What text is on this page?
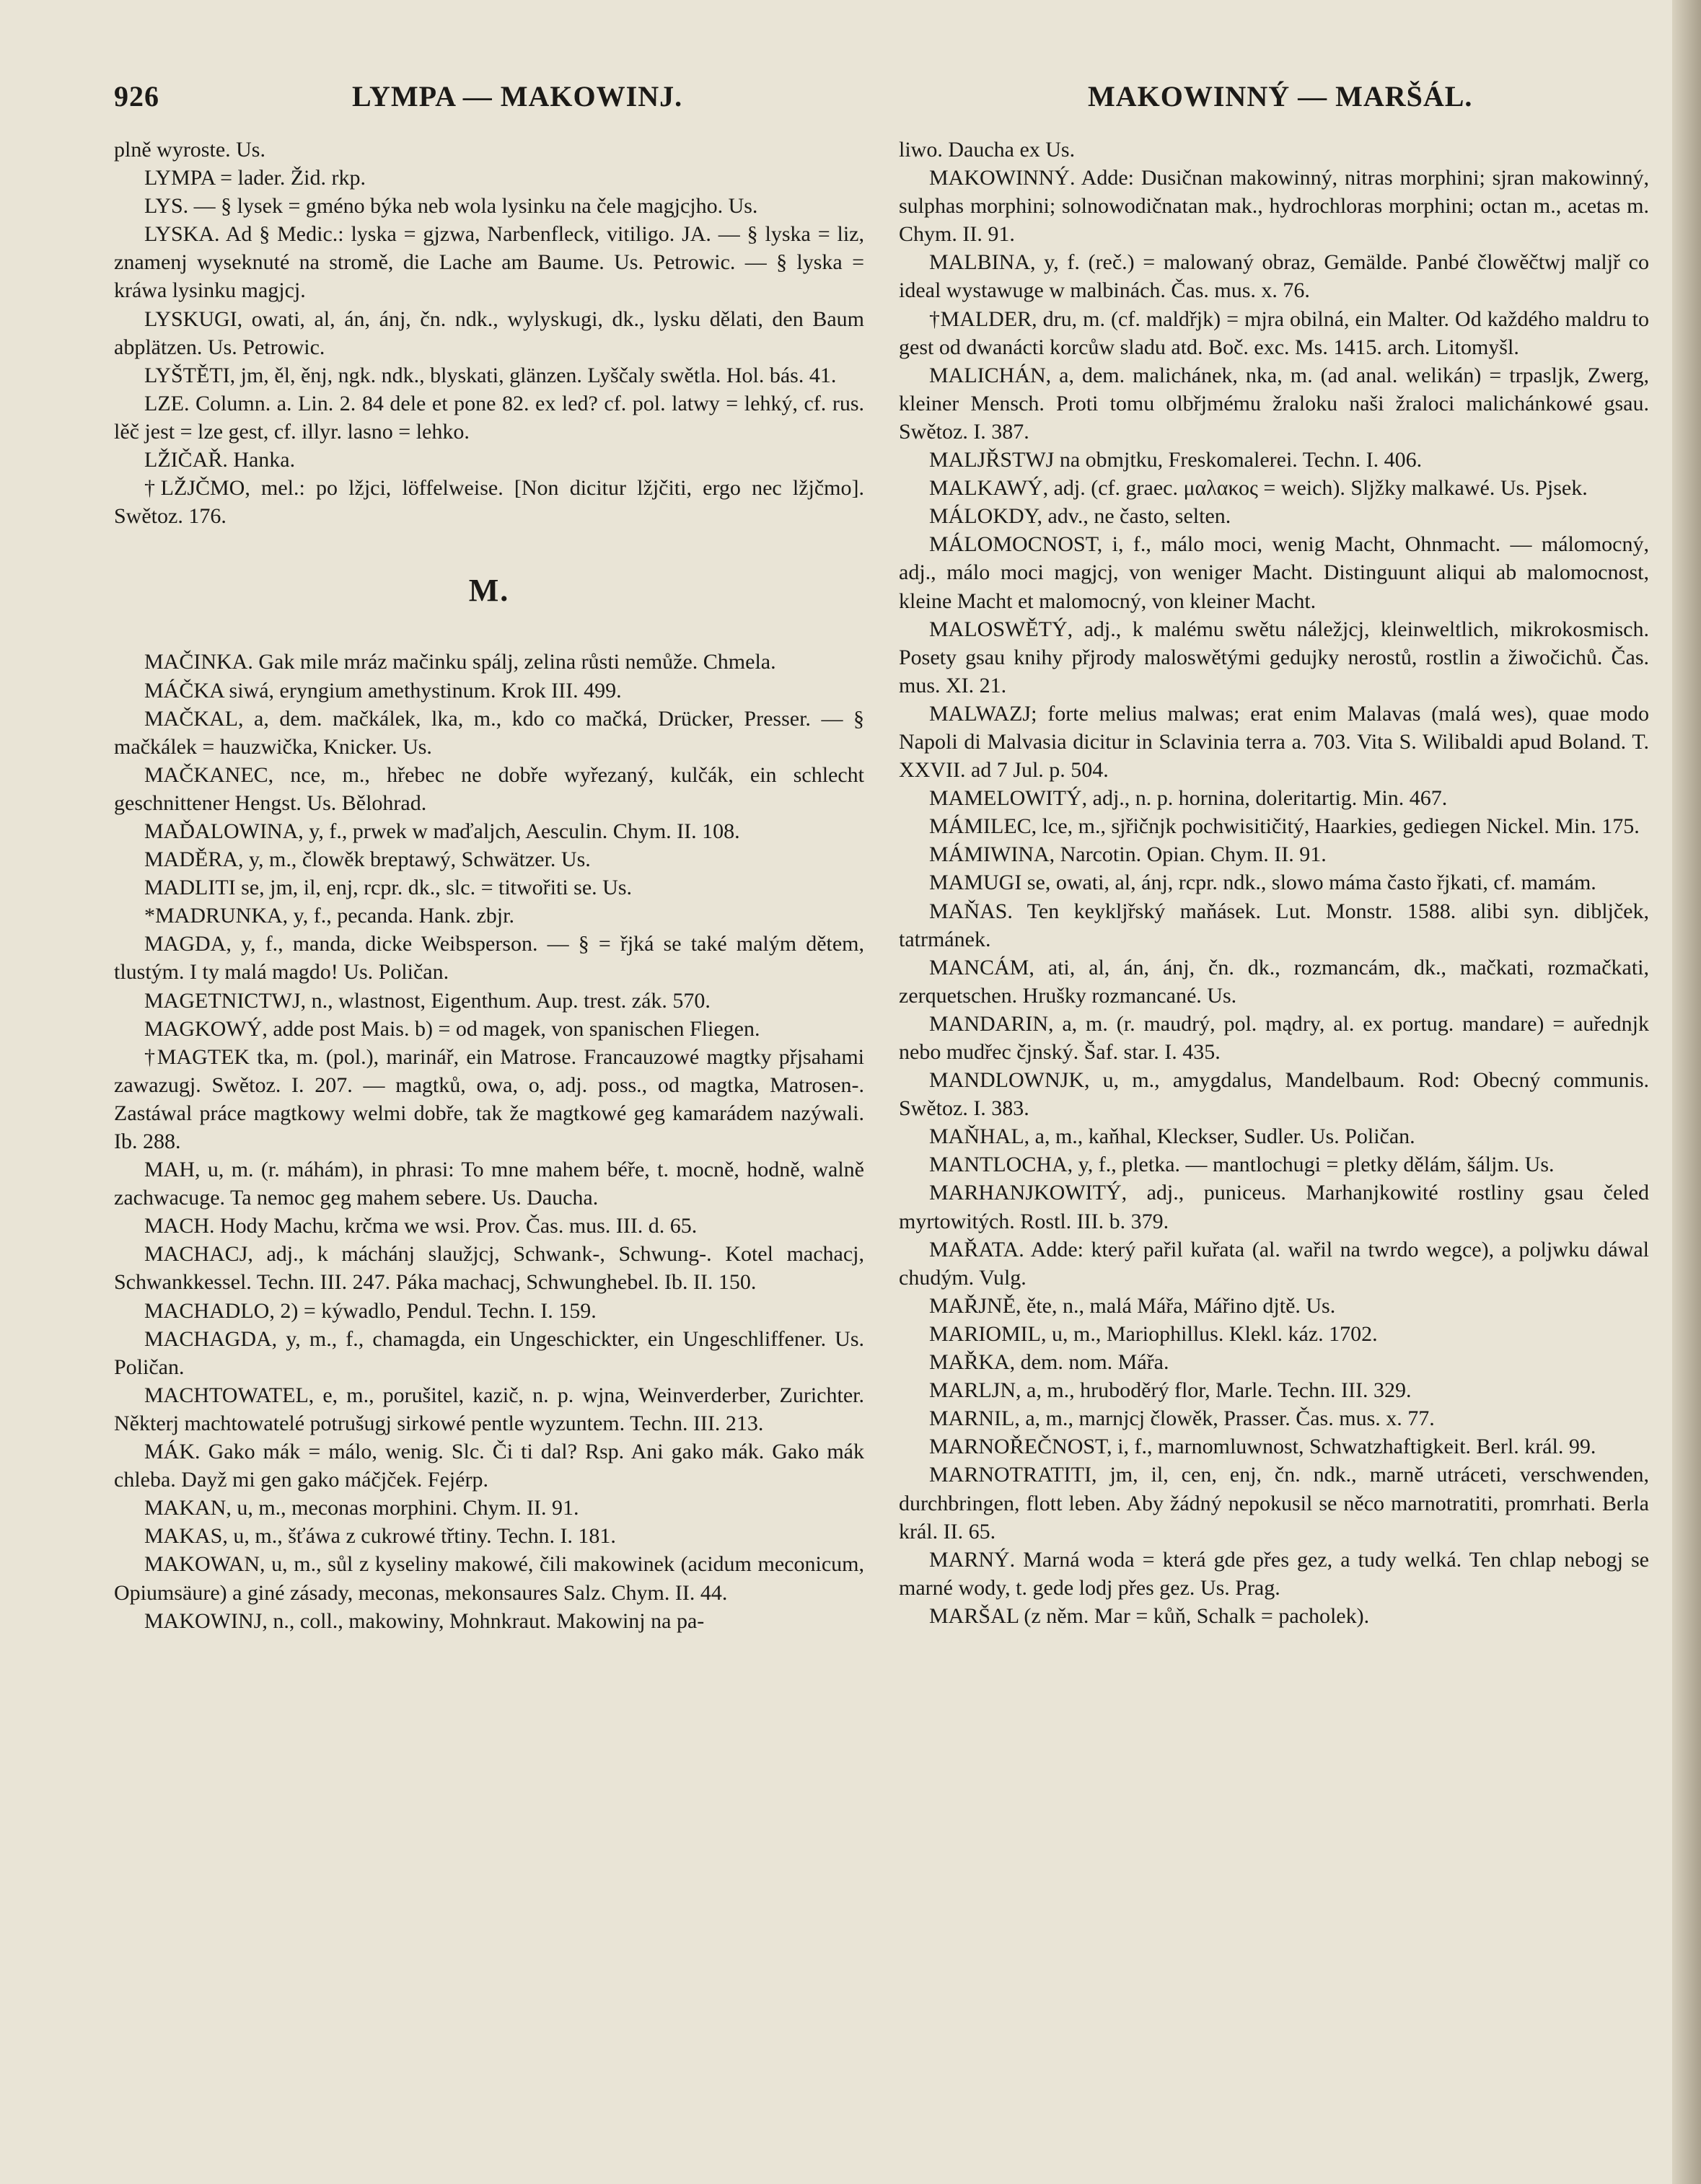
926	LYMPA — MAKOWINJ.	MAKOWINNÝ — MARŠÁL.

plně wyroste. Us.

LYMPA = lader. Žid. rkp.

LYS. — § lysek = gméno býka neb wola lysinku na čele magjcjho. Us.

LYSKA. Ad § Medic.: lyska = gjzwa, Narbenfleck, vitiligo. JA. — § lyska = liz, znamenj wyseknuté na stromě, die Lache am Baume. Us. Petrowic. — § lyska = kráwa lysinku magjcj.

LYSKUGI, owati, al, án, ánj, čn. ndk., wylyskugi, dk., lysku dělati, den Baum abplätzen. Us. Petrowic.

LYŠTĚTI, jm, ěl, ěnj, ngk. ndk., blyskati, glänzen. Lyščaly swětla. Hol. bás. 41.

LZE. Column. a. Lin. 2. 84 dele et pone 82. ex led? cf. pol. latwy = lehký, cf. rus. lěč jest = lze gest, cf. illyr. lasno = lehko.

LŽIČAŘ. Hanka.

†LŽJČMO, mel.: po lžjci, löffelweise. [Non dicitur lžjčiti, ergo nec lžjčmo]. Swětoz. 176.

M.

MAČINKA. Gak mile mráz mačinku spálj, zelina růsti nemůže. Chmela.

MÁČKA siwá, eryngium amethystinum. Krok III. 499.

MAČKAL, a, dem. mačkálek, lka, m., kdo co mačká, Drücker, Presser. — § mačkálek = hauzwička, Knicker. Us.

MAČKANEC, nce, m., hřebec ne dobře wyřezaný, kulčák, ein schlecht geschnittener Hengst. Us. Bělohrad.

MAĎALOWINA, y, f., prwek w maďaljch, Aesculin. Chym. II. 108.

MADĚRA, y, m., člowěk breptawý, Schwätzer. Us.

MADLITI se, jm, il, enj, rcpr. dk., slc. = titwořiti se. Us.

*MADRUNKA, y, f., pecanda. Hank. zbjr.

MAGDA, y, f., manda, dicke Weibsperson. — § = řjká se také malým dětem, tlustým. I ty malá magdo! Us. Poličan.

MAGETNICTWJ, n., wlastnost, Eigenthum. Aup. trest. zák. 570.

MAGKOWÝ, adde post Mais. b) = od magek, von spanischen Fliegen.

†MAGTEK tka, m. (pol.), marinář, ein Matrose. Francauzowé magtky přjsahami zawazugj. Swětoz. I. 207. — magtků, owa, o, adj. poss., od magtka, Matrosen-. Zastáwal práce magtkowy welmi dobře, tak že magtkowé geg kamarádem nazýwali. Ib. 288.

MAH, u, m. (r. máhám), in phrasi: To mne mahem béře, t. mocně, hodně, walně zachwacuge. Ta nemoc geg mahem sebere. Us. Daucha.

MACH. Hody Machu, krčma we wsi. Prov. Čas. mus. III. d. 65.

MACHACJ, adj., k máchánj slaužjcj, Schwank-, Schwung-. Kotel machacj, Schwankkessel. Techn. III. 247. Páka machacj, Schwunghebel. Ib. II. 150.

MACHADLO, 2) = kýwadlo, Pendul. Techn. I. 159.

MACHAGDA, y, m., f., chamagda, ein Ungeschickter, ein Ungeschliffener. Us. Poličan.

MACHTOWATEL, e, m., porušitel, kazič, n. p. wjna, Weinverderber, Zurichter. Některj machtowatelé potrušugj sirkowé pentle wyzuntem. Techn. III. 213.

MÁK. Gako mák = málo, wenig. Slc. Či ti dal? Rsp. Ani gako mák. Gako mák chleba. Dayž mi gen gako máčjček. Fejérp.

MAKAN, u, m., meconas morphini. Chym. II. 91.

MAKAS, u, m., šťáwa z cukrowé třtiny. Techn. I. 181.

MAKOWAN, u, m., sůl z kyseliny makowé, čili makowinek (acidum meconicum, Opiumsäure) a giné zásady, meconas, mekonsaures Salz. Chym. II. 44.

MAKOWINJ, n., coll., makowiny, Mohnkraut. Makowinj na pa-

liwo. Daucha ex Us.

MAKOWINNÝ. Adde: Dusičnan makowinný, nitras morphini; sjran makowinný, sulphas morphini; solnowodičnatan mak., hydrochloras morphini; octan m., acetas m. Chym. II. 91.

MALBINA, y, f. (reč.) = malowaný obraz, Gemälde. Panbé člowěčtwj maljř co ideal wystawuge w malbinách. Čas. mus. x. 76.

†MALDER, dru, m. (cf. maldřjk) = mjra obilná, ein Malter. Od každého maldru to gest od dwanácti korcůw sladu atd. Boč. exc. Ms. 1415. arch. Litomyšl.

MALICHÁN, a, dem. malichánek, nka, m. (ad anal. welikán) = trpaslјk, Zwerg, kleiner Mensch. Proti tomu olbřjmému žraloku naši žraloci malichánkowé gsau. Swětoz. I. 387.

MALJŘSTWJ na obmjtku, Freskomalerei. Techn. I. 406.

MALKAWÝ, adj. (cf. graec. μαλακος = weich). Sljžky malkawé. Us. Pjsek.

MÁLOKDY, adv., ne často, selten.

MÁLOMOCNOST, i, f., málo moci, wenig Macht, Ohnmacht. — málomocný, adj., málo moci magjcj, von weniger Macht. Distinguunt aliqui ab malomocnost, kleine Macht et malomocný, von kleiner Macht.

MALOSWĚTÝ, adj., k malému swětu náležjcj, kleinweltlich, mikrokosmisch. Posety gsau knihy přjrody maloswětými gedujky nerostů, rostlin a žiwočichů. Čas. mus. XI. 21.

MALWAZJ; forte melius malwas; erat enim Malavas (malá wes), quae modo Napoli di Malvasia dicitur in Sclavinia terra a. 703. Vita S. Wilibaldi apud Boland. T. XXVII. ad 7 Jul. p. 504.

MAMELOWITÝ, adj., n. p. hornina, doleritartig. Min. 467.

MÁMILEC, lce, m., sjřičnjk pochwisitičitý, Haarkies, gediegen Nickel. Min. 175.

MÁMIWINA, Narcotin. Opian. Chym. II. 91.

MAMUGI se, owati, al, ánj, rcpr. ndk., slowo máma často řjkati, cf. mamám.

MAŇAS. Ten keyklјřský maňásek. Lut. Monstr. 1588. alibi syn. dibljček, tatrmánek.

MANCÁM, ati, al, án, ánj, čn. dk., rozmancám, dk., mačkati, rozmačkati, zerquetschen. Hrušky rozmancané. Us.

MANDARIN, a, m. (r. maudrý, pol. mądry, al. ex portug. mandare) = auřednjk nebo mudřec čjnský. Šaf. star. I. 435.

MANDLOWNJK, u, m., amygdalus, Mandelbaum. Rod: Obecný communis. Swětoz. I. 383.

MAŇHAL, a, m., kaňhal, Kleckser, Sudler. Us. Poličan.

MANTLOCHA, y, f., pletka. — mantlochugi = pletky dělám, šáljm. Us.

MARHANJKOWITÝ, adj., puniceus. Marhanjkowité rostliny gsau čeled myrtowitých. Rostl. III. b. 379.

MAŘATA. Adde: který pařil kuřata (al. wařil na twrdo wegce), a poljwku dáwal chudým. Vulg.

MAŘJNĚ, ěte, n., malá Mářa, Mářino djtě. Us.

MARIOMIL, u, m., Mariophillus. Klekl. káz. 1702.

MAŘKA, dem. nom. Mářa.

MARLJN, a, m., hruboděrý flor, Marle. Techn. III. 329.

MARNIL, a, m., marnjcj člowěk, Prasser. Čas. mus. x. 77.

MARNOŘEČNOST, i, f., marnomluwnost, Schwatzhaftigkeit. Berl. král. 99.

MARNOTRATITI, jm, il, cen, enj, čn. ndk., marně utráceti, verschwenden, durchbringen, flott leben. Aby žádný nepokusil se něco marnotratiti, promrhati. Berla král. II. 65.

MARNÝ. Marná woda = která gde přes gez, a tudy welká. Ten chlap nebogj se marné wody, t. gede lodj přes gez. Us. Prag.

MARŠAL (z něm. Mar = kůň, Schalk = pacholek).
